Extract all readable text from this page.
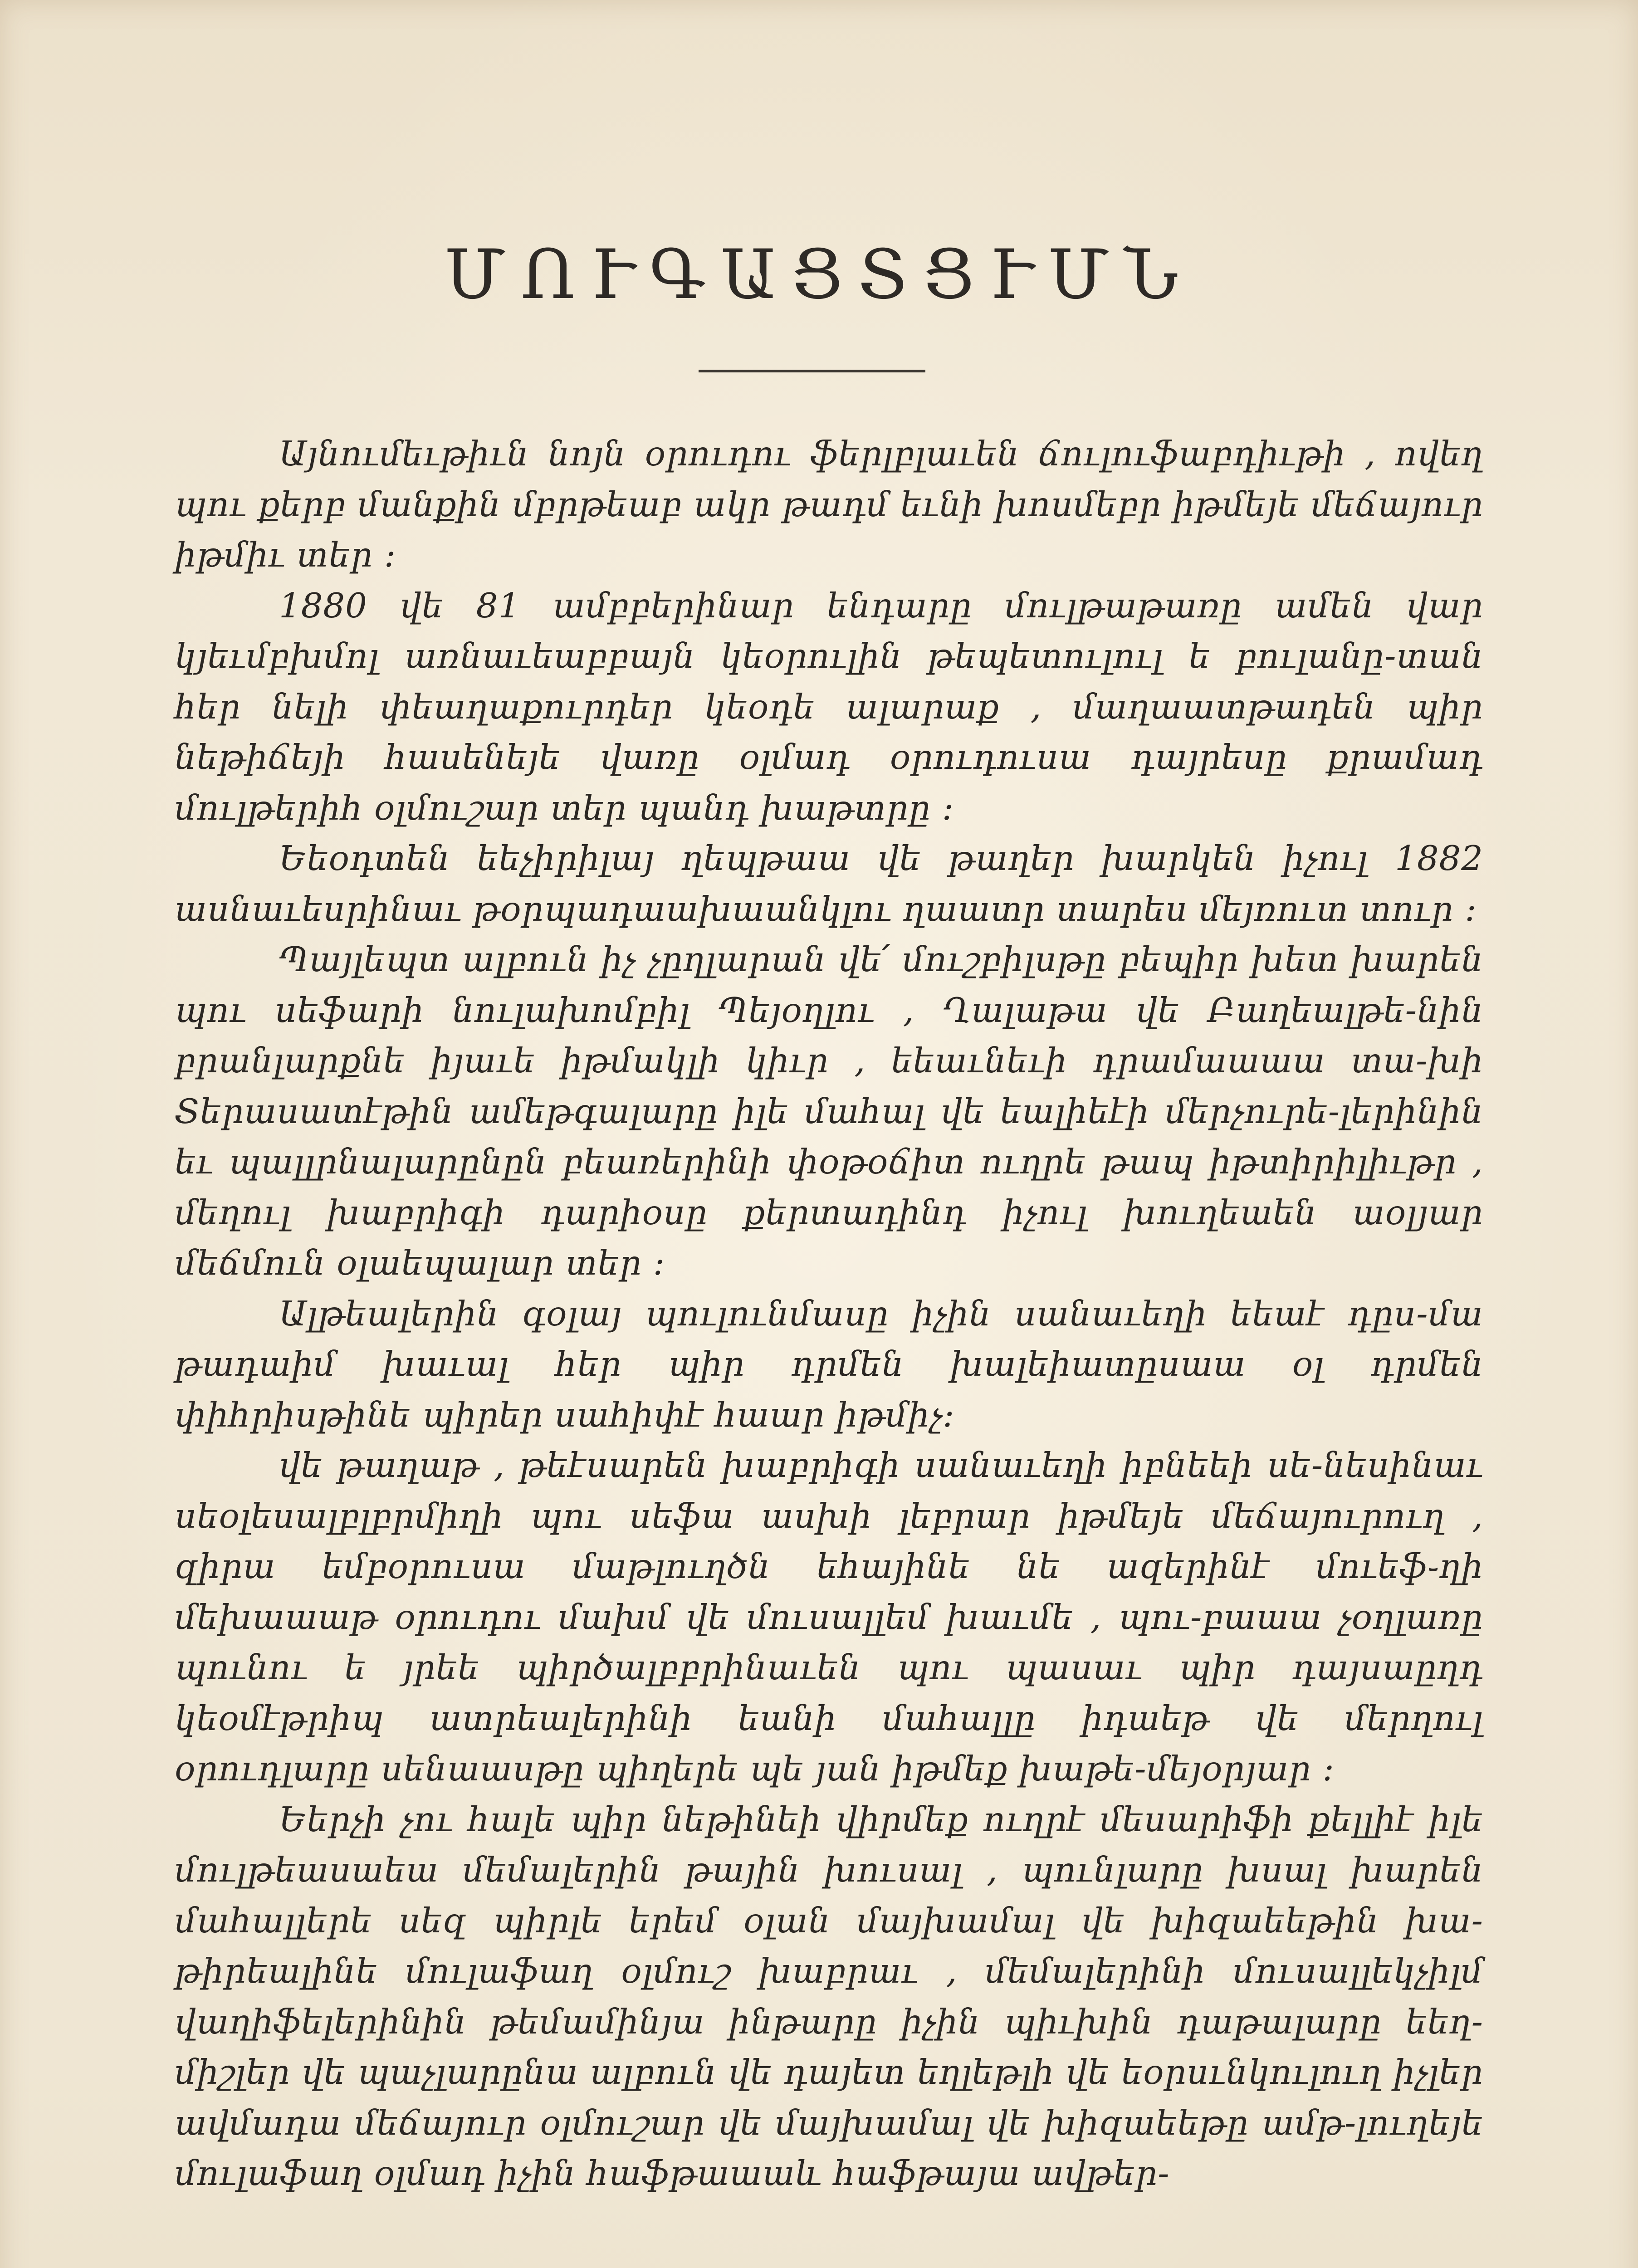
ՄՈՒԳԱՑՏՑՒՄՆ

Այնումեւթիւն նոյն օրուդու ֆերլբլաւեն ճուլուֆաբդիւթի , ովեղ պու քերբ մանքին մբրթեաբ ակր թադմ եւնի խոսմեբր իթմեյե մեճայուր իթմիւ տեր ։

1880 վե 81 ամբբերինար ենդարը մուլթաթառը ամեն վար կյեւմբխմոլ առնաւեաբբայն կեօրուլին թեպետուլուլ ե բուլանը-տան հեր նելի փեաղաքուրդեր կեօդե ալարաք , մաղաատթադեն պիր նեթիճեյի հասենեյե վառը օլմադ օրուդուսա դայրեսը քրամադ մուլթերիհ օլմուշար տեր պանդ խաթտրը ։

Եեօդտեն եեչիրիլայ ղեպթաա վե թաղեր խարկեն իչուլ 1882 ասնաւեսրինաւ թօրպադաախաանկլու ղաատր տարես մեյռուտ տուր ։

Պայլեպտ ալբուն իչ չըղլարան վե՛ մուշբիլսթը բեպիր խետ խարեն պու սեֆարի նուլախոմբիլ Պեյօղլու , Ղալաթա վե Բաղեալթե-նին բրանլարքնե իյաւե իթմակլի կիւր , եեաւնեւի դրամաաաա տա-խի Տերասատէթին ամեթգալարը իլե մահալ վե եալիեէի մերչուրե-լերինին եւ պալլրնալարընըն բեառերինի փօթօճիտ ուղրե թապ իթտիրիլիւթր , մեղուլ խաբրիգի դարիօսը քերտադինդ իչուլ խուղեաեն աօլյար մեճմուն օլաեպալար տեր ։

Ալթեալերին գօլայ պուլունմասը իչին սանաւեղի եեաէ դըս-մա թադաիմ խաւալ հեր պիր դրմեն խալեիատըսաա օլ դրմեն փիհրիսթինե պիրեր սահիփէ հաար իթմիչ։

վե թաղաթ , թեէսարեն խաբրիգի սանաւեղի իբնեեի սե-նեսինաւ սեօլեսալբլբրմիղի պու սեֆա ասխի լեբրար իթմեյե մեճայուրուղ , զիրա եմբօրուսա մաթլուղծն եհայինե նե ազերինէ մուեֆ֊ղի մեխաաաթ օրուդու մախմ վե մուսալլեմ խաւմե , պու-բաաա չօղլառը պունու ե յրեե պիրծալբբրինաւեն պու պասաւ պիր դայսաըղդ կեօմէթրիպ ատրեալերինի եանի մահալլը իդաեթ վե մերղուլ օրուդլարը սենաասթը պիղերե պե յան իթմեք խաթե-մեյօրյար ։

Եերչի չու հալե պիր նեթինեի վիրմեք ուղրէ մեսարիֆի քելլիէ իլե մուլթեասաեա մեմալերին թային խուսալ , պունլարը խսալ խարեն մահալլերե սեզ պիրլե երեմ օլան մայխամալ վե խիզաեեթին խա-թիրեալինե մուլաֆաղ օլմուշ խաբրաւ , մեմալերինի մուսալլեկչիլմ վաղիֆելերինին թեմամինյա ինթարը իչին պիւխին դաթալարը եեղ-միշլեր վե պաչլարընա ալբուն վե դայետ եղլեթլի վե եօրսւնկուլուղ իչլեր ավմադա մեճայուր օլմուշար վե մայխամալ վե խիզաեեթը ամթ-լուղեյե մուլաֆաղ օլմադ իչին հաֆթաաաև հաֆթայա ավթեր-
